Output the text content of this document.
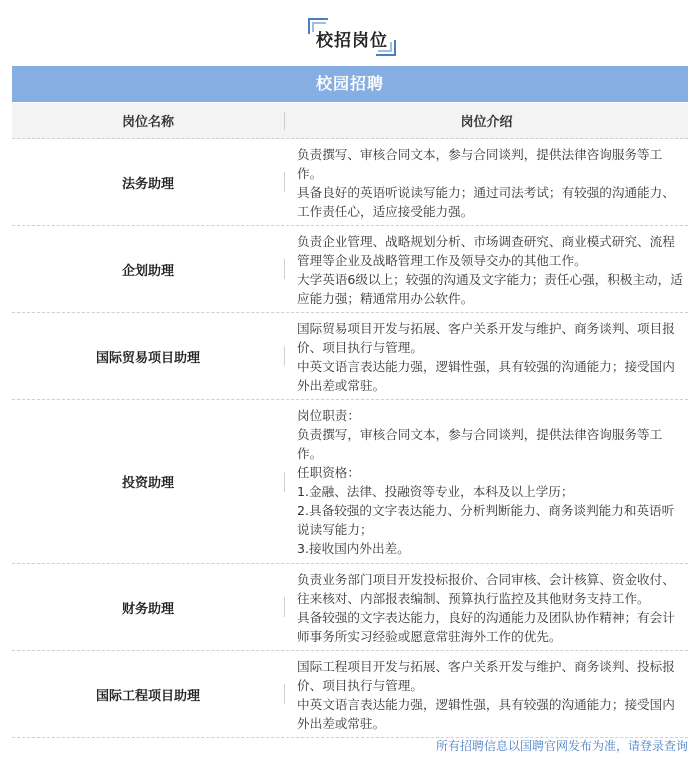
校招岗位
校园招聘
岗位名称	岗位介绍
法务助理
负责撰写、审核合同文本，参与合同谈判，提供法律咨询服务等工作。
具备良好的英语听说读写能力；通过司法考试；有较强的沟通能力、工作责任心，适应接受能力强。
企划助理
负责企业管理、战略规划分析、市场调查研究、商业模式研究、流程管理等企业及战略管理工作及领导交办的其他工作。
大学英语6级以上；较强的沟通及文字能力；责任心强，积极主动，适应能力强；精通常用办公软件。
国际贸易项目助理
国际贸易项目开发与拓展、客户关系开发与维护、商务谈判、项目报价、项目执行与管理。
中英文语言表达能力强，逻辑性强，具有较强的沟通能力；接受国内外出差或常驻。
投资助理
岗位职责：
负责撰写，审核合同文本，参与合同谈判，提供法律咨询服务等工作。
任职资格：
1.金融、法律、投融资等专业，本科及以上学历；
2.具备较强的文字表达能力、分析判断能力、商务谈判能力和英语听说读写能力；
3.接收国内外出差。
财务助理
负责业务部门项目开发投标报价、合同审核、会计核算、资金收付、往来核对、内部报表编制、预算执行监控及其他财务支持工作。
具备较强的文字表达能力，良好的沟通能力及团队协作精神；有会计师事务所实习经验或愿意常驻海外工作的优先。
国际工程项目助理
国际工程项目开发与拓展、客户关系开发与维护、商务谈判、投标报价、项目执行与管理。
中英文语言表达能力强，逻辑性强，具有较强的沟通能力；接受国内外出差或常驻。
所有招聘信息以国聘官网发布为准，请登录查询
